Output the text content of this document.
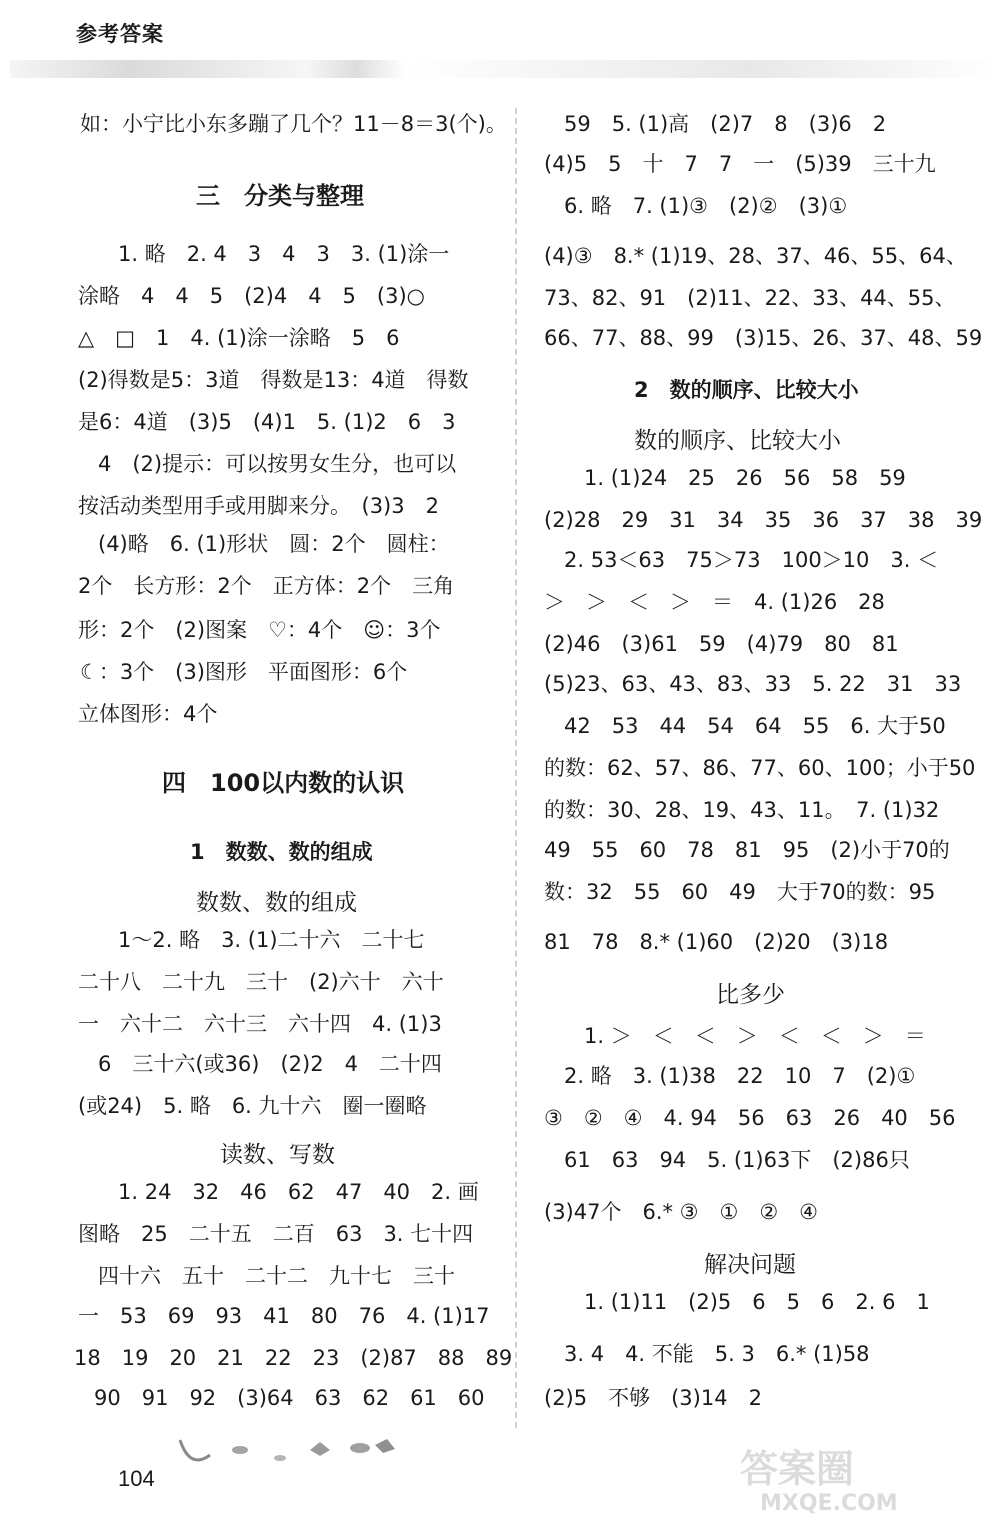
参考答案
如：小宁比小东多蹦了几个？11－8＝3(个)。
三　分类与整理
1. 略　2. 4　3　4　3　3. (1)涂一
涂略　4　4　5　(2)4　4　5　(3)○
△　□　1　4. (1)涂一涂略　5　6
(2)得数是5：3道　得数是13：4道　得数
是6：4道　(3)5　(4)1　5. (1)2　6　3
4　(2)提示：可以按男女生分，也可以
按活动类型用手或用脚来分。　(3)3　2
(4)略　6. (1)形状　圆：2个　圆柱：
2个　长方形：2个　正方体：2个　三角
形：2个　(2)图案　♡：4个　☺：3个
☾：3个　(3)图形　平面图形：6个
立体图形：4个
四　100以内数的认识
1　数数、数的组成
数数、数的组成
1～2. 略　3. (1)二十六　二十七
二十八　二十九　三十　(2)六十　六十
一　六十二　六十三　六十四　4. (1)3
6　三十六(或36)　(2)2　4　二十四
(或24)　5. 略　6. 九十六　圈一圈略
读数、写数
1. 24　32　46　62　47　40　2. 画
图略　25　二十五　二百　63　3. 七十四
四十六　五十　二十二　九十七　三十
一　53　69　93　41　80　76　4. (1)17
18　19　20　21　22　23　(2)87　88　89
90　91　92　(3)64　63　62　61　60
59　5. (1)高　(2)7　8　(3)6　2
(4)5　5　十　7　7　一　(5)39　三十九
6. 略　7. (1)③　(2)②　(3)①
(4)③　8.* (1)19、28、37、46、55、64、
73、82、91　(2)11、22、33、44、55、
66、77、88、99　(3)15、26、37、48、59
2　数的顺序、比较大小
数的顺序、比较大小
1. (1)24　25　26　56　58　59
(2)28　29　31　34　35　36　37　38　39
2. 53＜63　75＞73　100＞10　3. ＜
＞　＞　＜　＞　＝　4. (1)26　28
(2)46　(3)61　59　(4)79　80　81
(5)23、63、43、83、33　5. 22　31　33
42　53　44　54　64　55　6. 大于50
的数：62、57、86、77、60、100；小于50
的数：30、28、19、43、11。　7. (1)32
49　55　60　78　81　95　(2)小于70的
数：32　55　60　49　大于70的数：95
81　78　8.* (1)60　(2)20　(3)18
比多少
1. ＞　＜　＜　＞　＜　＜　＞　＝
2. 略　3. (1)38　22　10　7　(2)①
③　②　④　4. 94　56　63　26　40　56
61　63　94　5. (1)63下　(2)86只
(3)47个　6.* ③　①　②　④
解决问题
1. (1)11　(2)5　6　5　6　2. 6　1
3. 4　4. 不能　5. 3　6.* (1)58
(2)5　不够　(3)14　2
104	答案圈
MXQE.COM
